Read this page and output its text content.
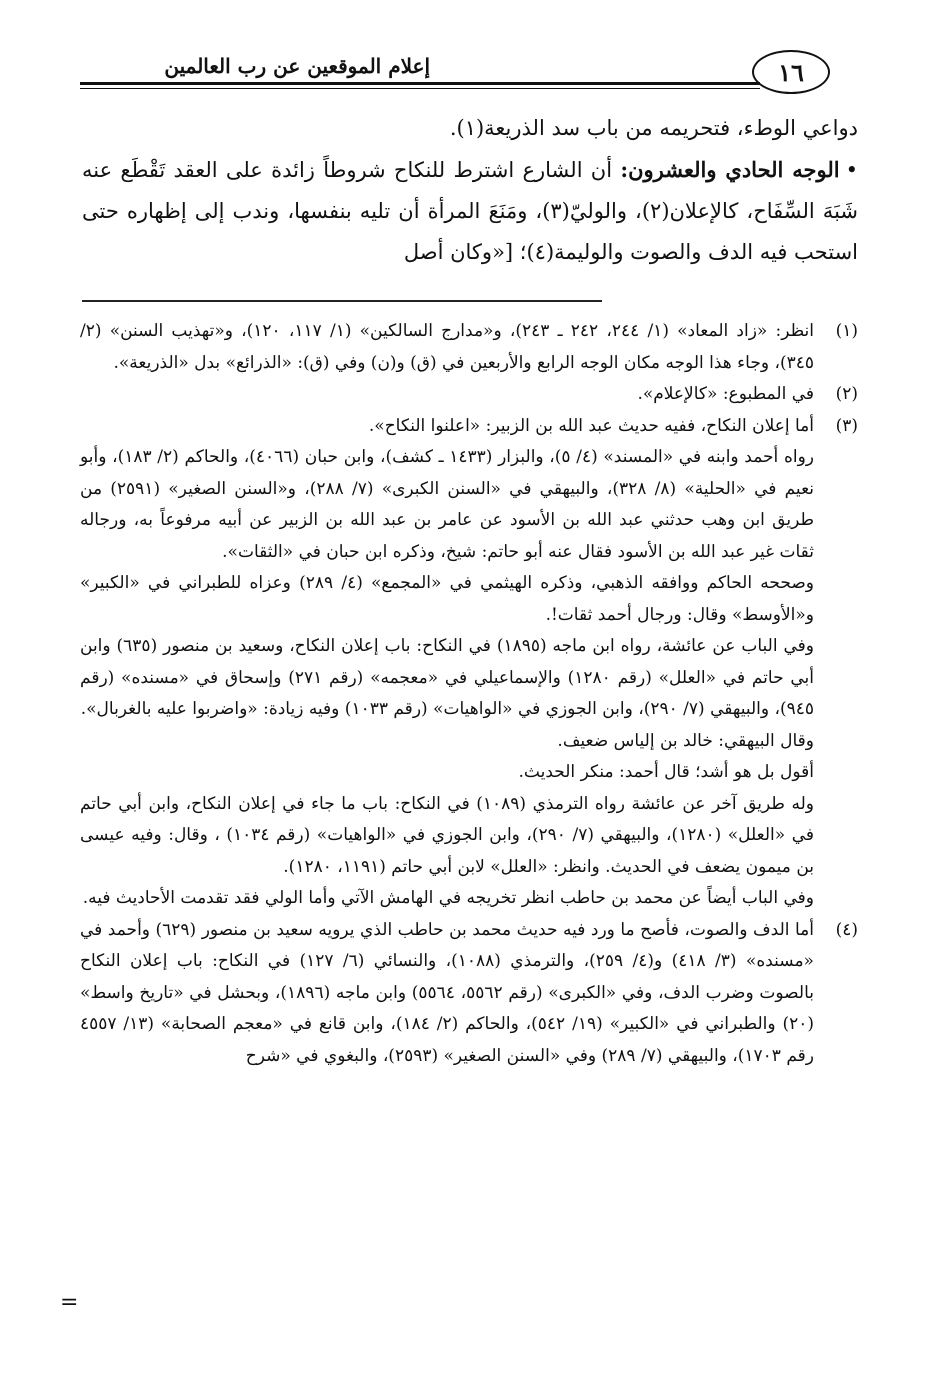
إعلام الموقعين عن رب العالمين	١٦

دواعي الوطء، فتحريمه من باب سد الذريعة(١).

•الوجه الحادي والعشرون: أن الشارع اشترط للنكاح شروطاً زائدة على العقد تَقْطَع عنه شَبَهَ السِّفَاح، كالإعلان(٢)، والوليّ(٣)، ومَنَعَ المرأة أن تليه بنفسها، وندب إلى إظهاره حتى استحب فيه الدف والصوت والوليمة(٤)؛ [«وكان أصل

(١)

انظر: «زاد المعاد» (١/ ٢٤٤، ٢٤٢ ـ ٢٤٣)، و«مدارج السالكين» (١/ ١١٧، ١٢٠)، و«تهذيب السنن» (٢/ ٣٤٥)، وجاء هذا الوجه مكان الوجه الرابع والأربعين في (ق) و(ن) وفي (ق): «الذرائع» بدل «الذريعة».

(٢)

في المطبوع: «كالإعلام».

(٣)

أما إعلان النكاح، ففيه حديث عبد الله بن الزبير: «اعلنوا النكاح».

رواه أحمد وابنه في «المسند» (٤/ ٥)، والبزار (١٤٣٣ ـ كشف)، وابن حبان (٤٠٦٦)، والحاكم (٢/ ١٨٣)، وأبو نعيم في «الحلية» (٨/ ٣٢٨)، والبيهقي في «السنن الكبرى» (٧/ ٢٨٨)، و«السنن الصغير» (٢٥٩١) من طريق ابن وهب حدثني عبد الله بن الأسود عن عامر بن عبد الله بن الزبير عن أبيه مرفوعاً به، ورجاله ثقات غير عبد الله بن الأسود فقال عنه أبو حاتم: شيخ، وذكره ابن حبان في «الثقات».

وصححه الحاكم ووافقه الذهبي، وذكره الهيثمي في «المجمع» (٤/ ٢٨٩) وعزاه للطبراني في «الكبير» و«الأوسط» وقال: ورجال أحمد ثقات!.

وفي الباب عن عائشة، رواه ابن ماجه (١٨٩٥) في النكاح: باب إعلان النكاح، وسعيد بن منصور (٦٣٥) وابن أبي حاتم في «العلل» (رقم ١٢٨٠) والإسماعيلي في «معجمه» (رقم ٢٧١) وإسحاق في «مسنده» (رقم ٩٤٥)، والبيهقي (٧/ ٢٩٠)، وابن الجوزي في «الواهيات» (رقم ١٠٣٣) وفيه زيادة: «واضربوا عليه بالغربال».

وقال البيهقي: خالد بن إلياس ضعيف.

أقول بل هو أشد؛ قال أحمد: منكر الحديث.

وله طريق آخر عن عائشة رواه الترمذي (١٠٨٩) في النكاح: باب ما جاء في إعلان النكاح، وابن أبي حاتم في «العلل» (١٢٨٠)، والبيهقي (٧/ ٢٩٠)، وابن الجوزي في «الواهيات» (رقم ١٠٣٤) ، وقال: وفيه عيسى بن ميمون يضعف في الحديث. وانظر: «العلل» لابن أبي حاتم (١١٩١، ١٢٨٠).

وفي الباب أيضاً عن محمد بن حاطب انظر تخريجه في الهامش الآتي وأما الولي فقد تقدمت الأحاديث فيه.

(٤)

أما الدف والصوت، فأصح ما ورد فيه حديث محمد بن حاطب الذي يرويه سعيد بن منصور (٦٢٩) وأحمد في «مسنده» (٣/ ٤١٨) و(٤/ ٢٥٩)، والترمذي (١٠٨٨)، والنسائي (٦/ ١٢٧) في النكاح: باب إعلان النكاح بالصوت وضرب الدف، وفي «الكبرى» (رقم ٥٥٦٢، ٥٥٦٤) وابن ماجه (١٨٩٦)، وبحشل في «تاريخ واسط» (٢٠) والطبراني في «الكبير» (١٩/ ٥٤٢)، والحاكم (٢/ ١٨٤)، وابن قانع في «معجم الصحابة» (١٣/ ٤٥٥٧ رقم ١٧٠٣)، والبيهقي (٧/ ٢٨٩) وفي «السنن الصغير» (٢٥٩٣)، والبغوي في «شرح

=
